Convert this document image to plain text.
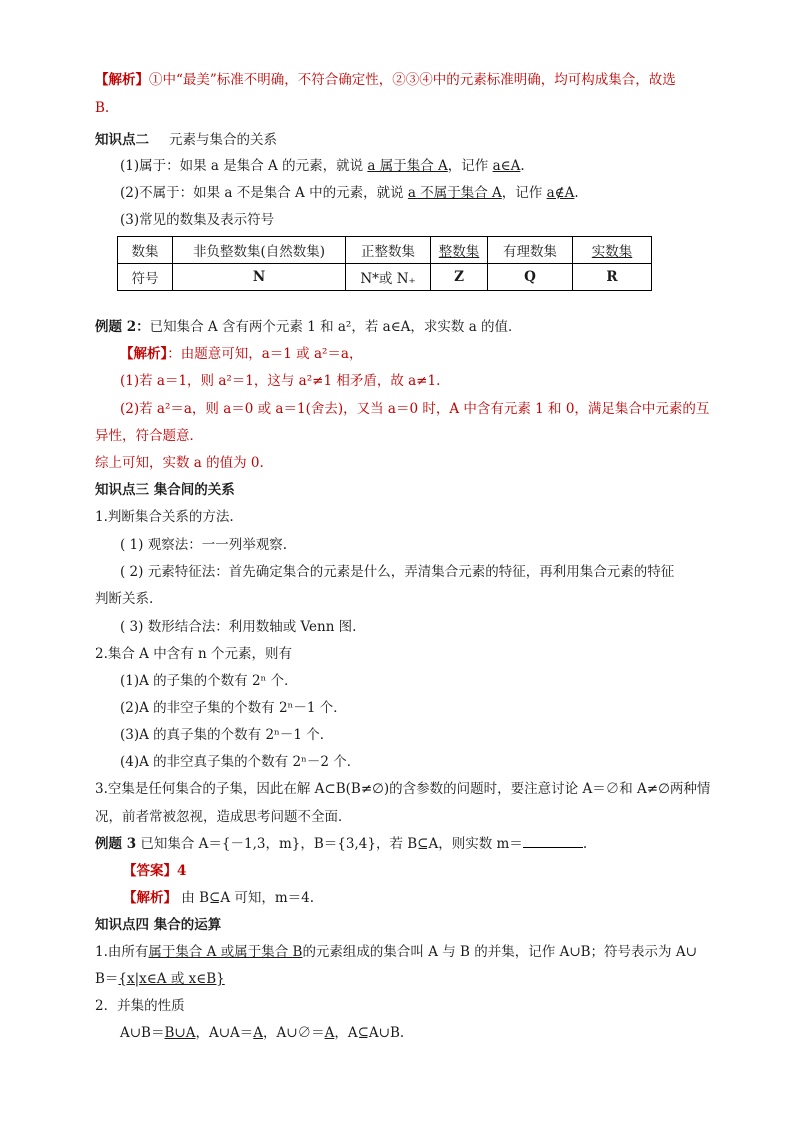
【解析】①中“最美”标准不明确，不符合确定性，②③④中的元素标准明确，均可构成集合，故选
B.
知识点二 元素与集合的关系
(1)属于：如果 a 是集合 A 的元素，就说 a 属于集合 A，记作 a∈A.
(2)不属于：如果 a 不是集合 A 中的元素，就说 a 不属于集合 A，记作 a∉A.
(3)常见的数集及表示符号
数集	非负整数集(自然数集)	正整数集	整数集	有理数集	实数集
符号	N	N*或 N₊	Z	Q	R
例题 2：已知集合 A 含有两个元素 1 和 a²，若 a∈A，求实数 a 的值．
【解析】：由题意可知，a＝1 或 a²＝a，
(1)若 a＝1，则 a²＝1，这与 a²≠1 相矛盾，故 a≠1.
(2)若 a²＝a，则 a＝0 或 a＝1(舍去)，又当 a＝0 时，A 中含有元素 1 和 0，满足集合中元素的互
异性，符合题意．
综上可知，实数 a 的值为 0.
知识点三 集合间的关系
1.判断集合关系的方法.
( 1) 观察法：一一列举观察.
( 2) 元素特征法：首先确定集合的元素是什么，弄清集合元素的特征，再利用集合元素的特征
判断关系.
( 3) 数形结合法：利用数轴或 Venn 图.
2.集合 A 中含有 n 个元素，则有
(1)A 的子集的个数有 2ⁿ 个．
(2)A 的非空子集的个数有 2ⁿ－1 个．
(3)A 的真子集的个数有 2ⁿ－1 个．
(4)A 的非空真子集的个数有 2ⁿ－2 个．
3.空集是任何集合的子集，因此在解 A⊂B(B≠∅)的含参数的问题时，要注意讨论 A＝∅和 A≠∅两种情
况，前者常被忽视，造成思考问题不全面．
例题 3 已知集合 A＝{－1,3，m}，B＝{3,4}，若 B⊆A，则实数 m＝	.
【答案】4
【解析】 由 B⊆A 可知，m＝4.
知识点四 集合的运算
1.由所有属于集合 A 或属于集合 B的元素组成的集合叫 A 与 B 的并集，记作 A∪B；符号表示为 A∪
B＝{x|x∈A 或 x∈B}
2．并集的性质
A∪B＝B∪A，A∪A＝A，A∪∅＝A，A⊆A∪B.
